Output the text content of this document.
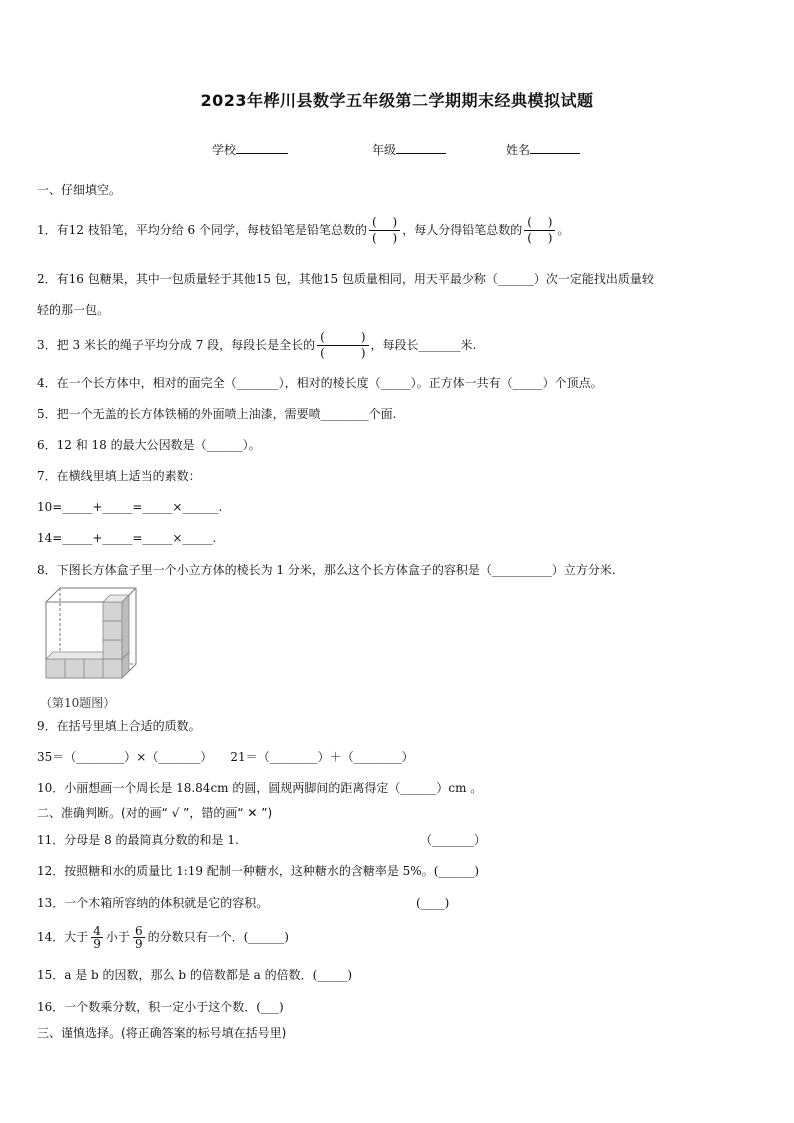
2023年桦川县数学五年级第二学期期末经典模拟试题
学校	年级	姓名
一、仔细填空。
1．有12 枝铅笔，平均分给 6 个同学，每枝铅笔是铅笔总数的 $\frac{( )}{( )}$ ，每人分得铅笔总数的 $\frac{( )}{( )}$ 。
2．有16 包糖果，其中一包质量轻于其他15 包，其他15 包质量相同，用天平最少称（______）次一定能找出质量较
轻的那一包。
3．把 3 米长的绳子平均分成 7 段，每段长是全长的 $\frac{( )}{( )}$ ，每段长_______米.
4．在一个长方体中，相对的面完全（_______），相对的棱长度（_____）。正方体一共有（_____）个顶点。
5．把一个无盖的长方体铁桶的外面喷上油漆，需要喷________个面.
6．12 和 18 的最大公因数是（______）。
7．在横线里填上适当的素数：
10=_____+_____=_____×______.
14=_____+_____=_____×_____.
8．下图长方体盒子里一个小立方体的棱长为 1 分米，那么这个长方体盒子的容积是（__________）立方分米.
（第10题图）
9．在括号里填上合适的质数。
35＝（________）×（_______）　　21＝（________）＋（________）
10．小丽想画一个周长是 18.84cm 的圆，圆规两脚间的距离得定（______）cm 。
二、准确判断。(对的画“ √ ”，错的画“ ✕ ”)
11．分母是 8 的最简真分数的和是 1.	（_______）
12．按照糖和水的质量比 1:19 配制一种糖水，这种糖水的含糖率是 5%。(______)
13．一个木箱所容纳的体积就是它的容积。	(____)
14．大于 $\frac{4}{9}$ 小于 $\frac{6}{9}$ 的分数只有一个．(______)
15．a 是 b 的因数，那么 b 的倍数都是 a 的倍数．(_____)
16．一个数乘分数，积一定小于这个数．(___)
三、谨慎选择。(将正确答案的标号填在括号里)
